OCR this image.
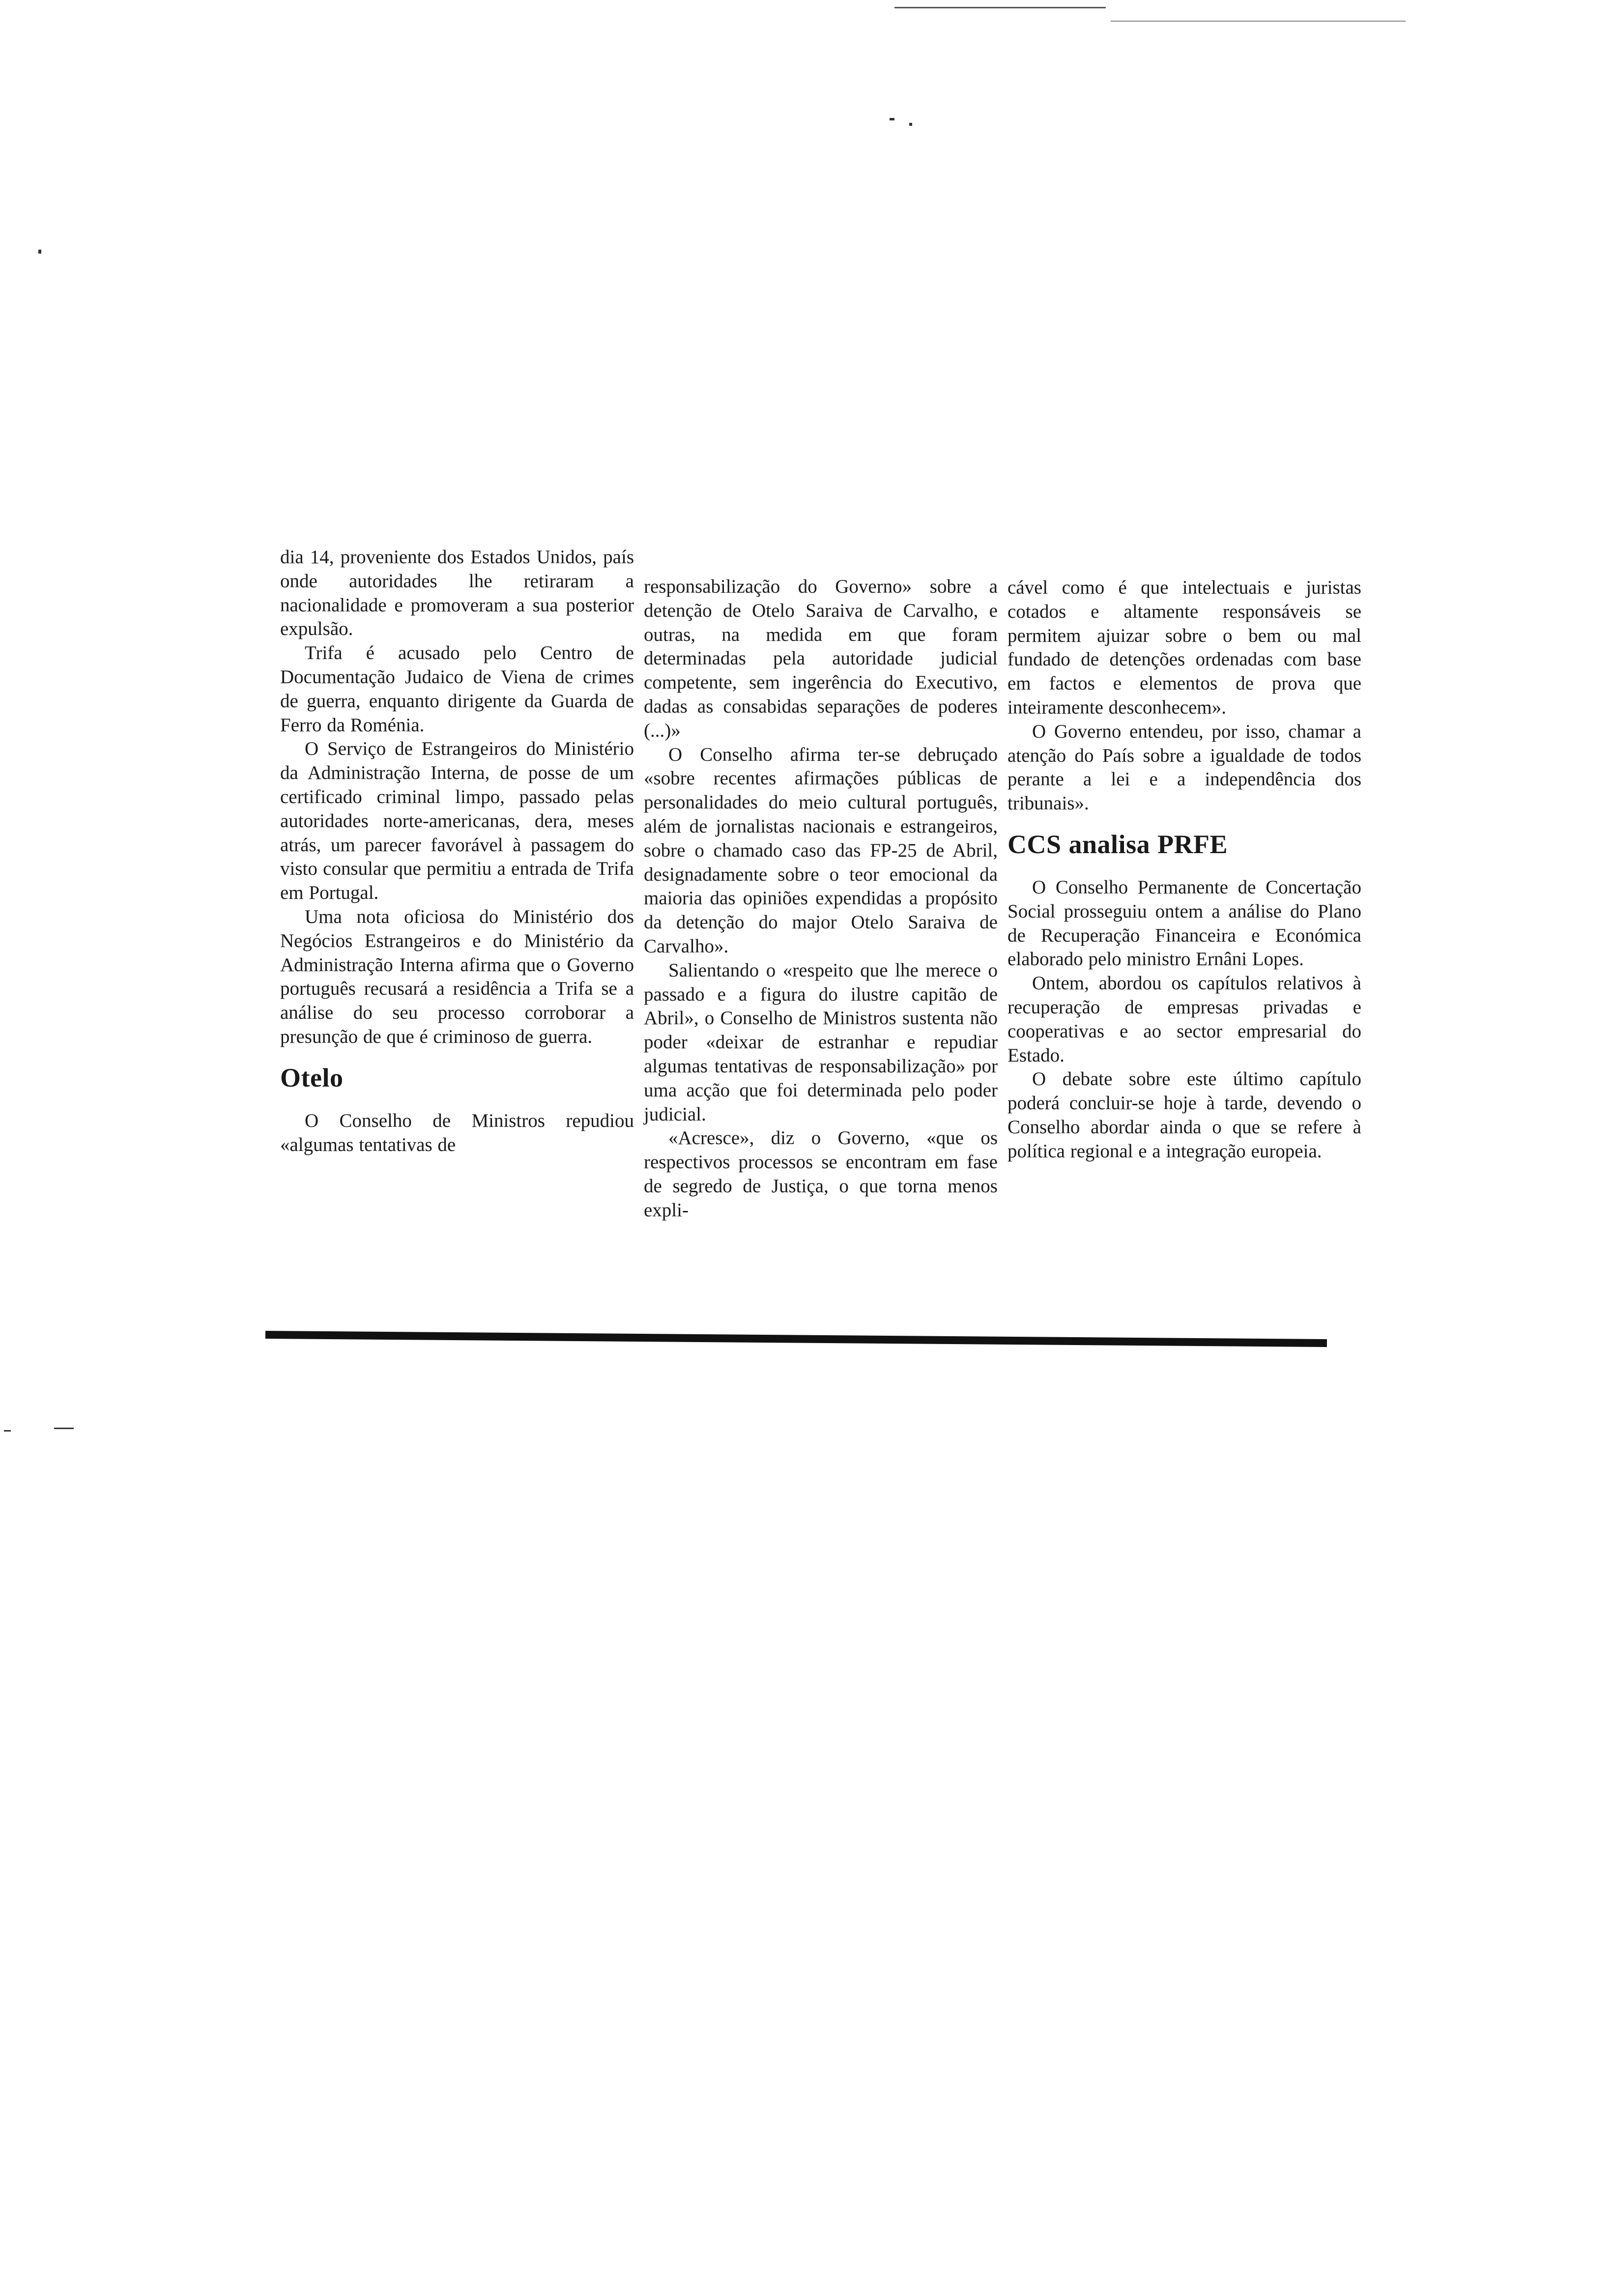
dia 14, proveniente dos Estados Unidos, país onde autoridades lhe retiraram a nacionalidade e promoveram a sua posterior expulsão.

Trifa é acusado pelo Centro de Documentação Judaico de Viena de crimes de guerra, enquanto dirigente da Guarda de Ferro da Roménia.

O Serviço de Estrangeiros do Ministério da Administração Interna, de posse de um certificado criminal limpo, passado pelas autoridades norte-americanas, dera, meses atrás, um parecer favorável à passagem do visto consular que permitiu a entrada de Trifa em Portugal.

Uma nota oficiosa do Ministério dos Negócios Estrangeiros e do Ministério da Administração Interna afirma que o Governo português recusará a residência a Trifa se a análise do seu processo corroborar a presunção de que é criminoso de guerra.

Otelo

O Conselho de Ministros repudiou «algumas tentativas de

responsabilização do Governo» sobre a detenção de Otelo Saraiva de Carvalho, e outras, na medida em que foram determinadas pela autoridade judicial competente, sem ingerência do Executivo, dadas as consabidas separações de poderes (...)»

O Conselho afirma ter-se debruçado «sobre recentes afirmações públicas de personalidades do meio cultural português, além de jornalistas nacionais e estrangeiros, sobre o chamado caso das FP-25 de Abril, designadamente sobre o teor emocional da maioria das opiniões expendidas a propósito da detenção do major Otelo Saraiva de Carvalho».

Salientando o «respeito que lhe merece o passado e a figura do ilustre capitão de Abril», o Conselho de Ministros sustenta não poder «deixar de estranhar e repudiar algumas tentativas de responsabilização» por uma acção que foi determinada pelo poder judicial.

«Acresce», diz o Governo, «que os respectivos processos se encontram em fase de segredo de Justiça, o que torna menos expli-

cável como é que intelectuais e juristas cotados e altamente responsáveis se permitem ajuizar sobre o bem ou mal fundado de detenções ordenadas com base em factos e elementos de prova que inteiramente desconhecem».

O Governo entendeu, por isso, chamar a atenção do País sobre a igualdade de todos perante a lei e a independência dos tribunais».

CCS analisa PRFE

O Conselho Permanente de Concertação Social prosseguiu ontem a análise do Plano de Recuperação Financeira e Económica elaborado pelo ministro Ernâni Lopes.

Ontem, abordou os capítulos relativos à recuperação de empresas privadas e cooperativas e ao sector empresarial do Estado.

O debate sobre este último capítulo poderá concluir-se hoje à tarde, devendo o Conselho abordar ainda o que se refere à política regional e a integração europeia.
